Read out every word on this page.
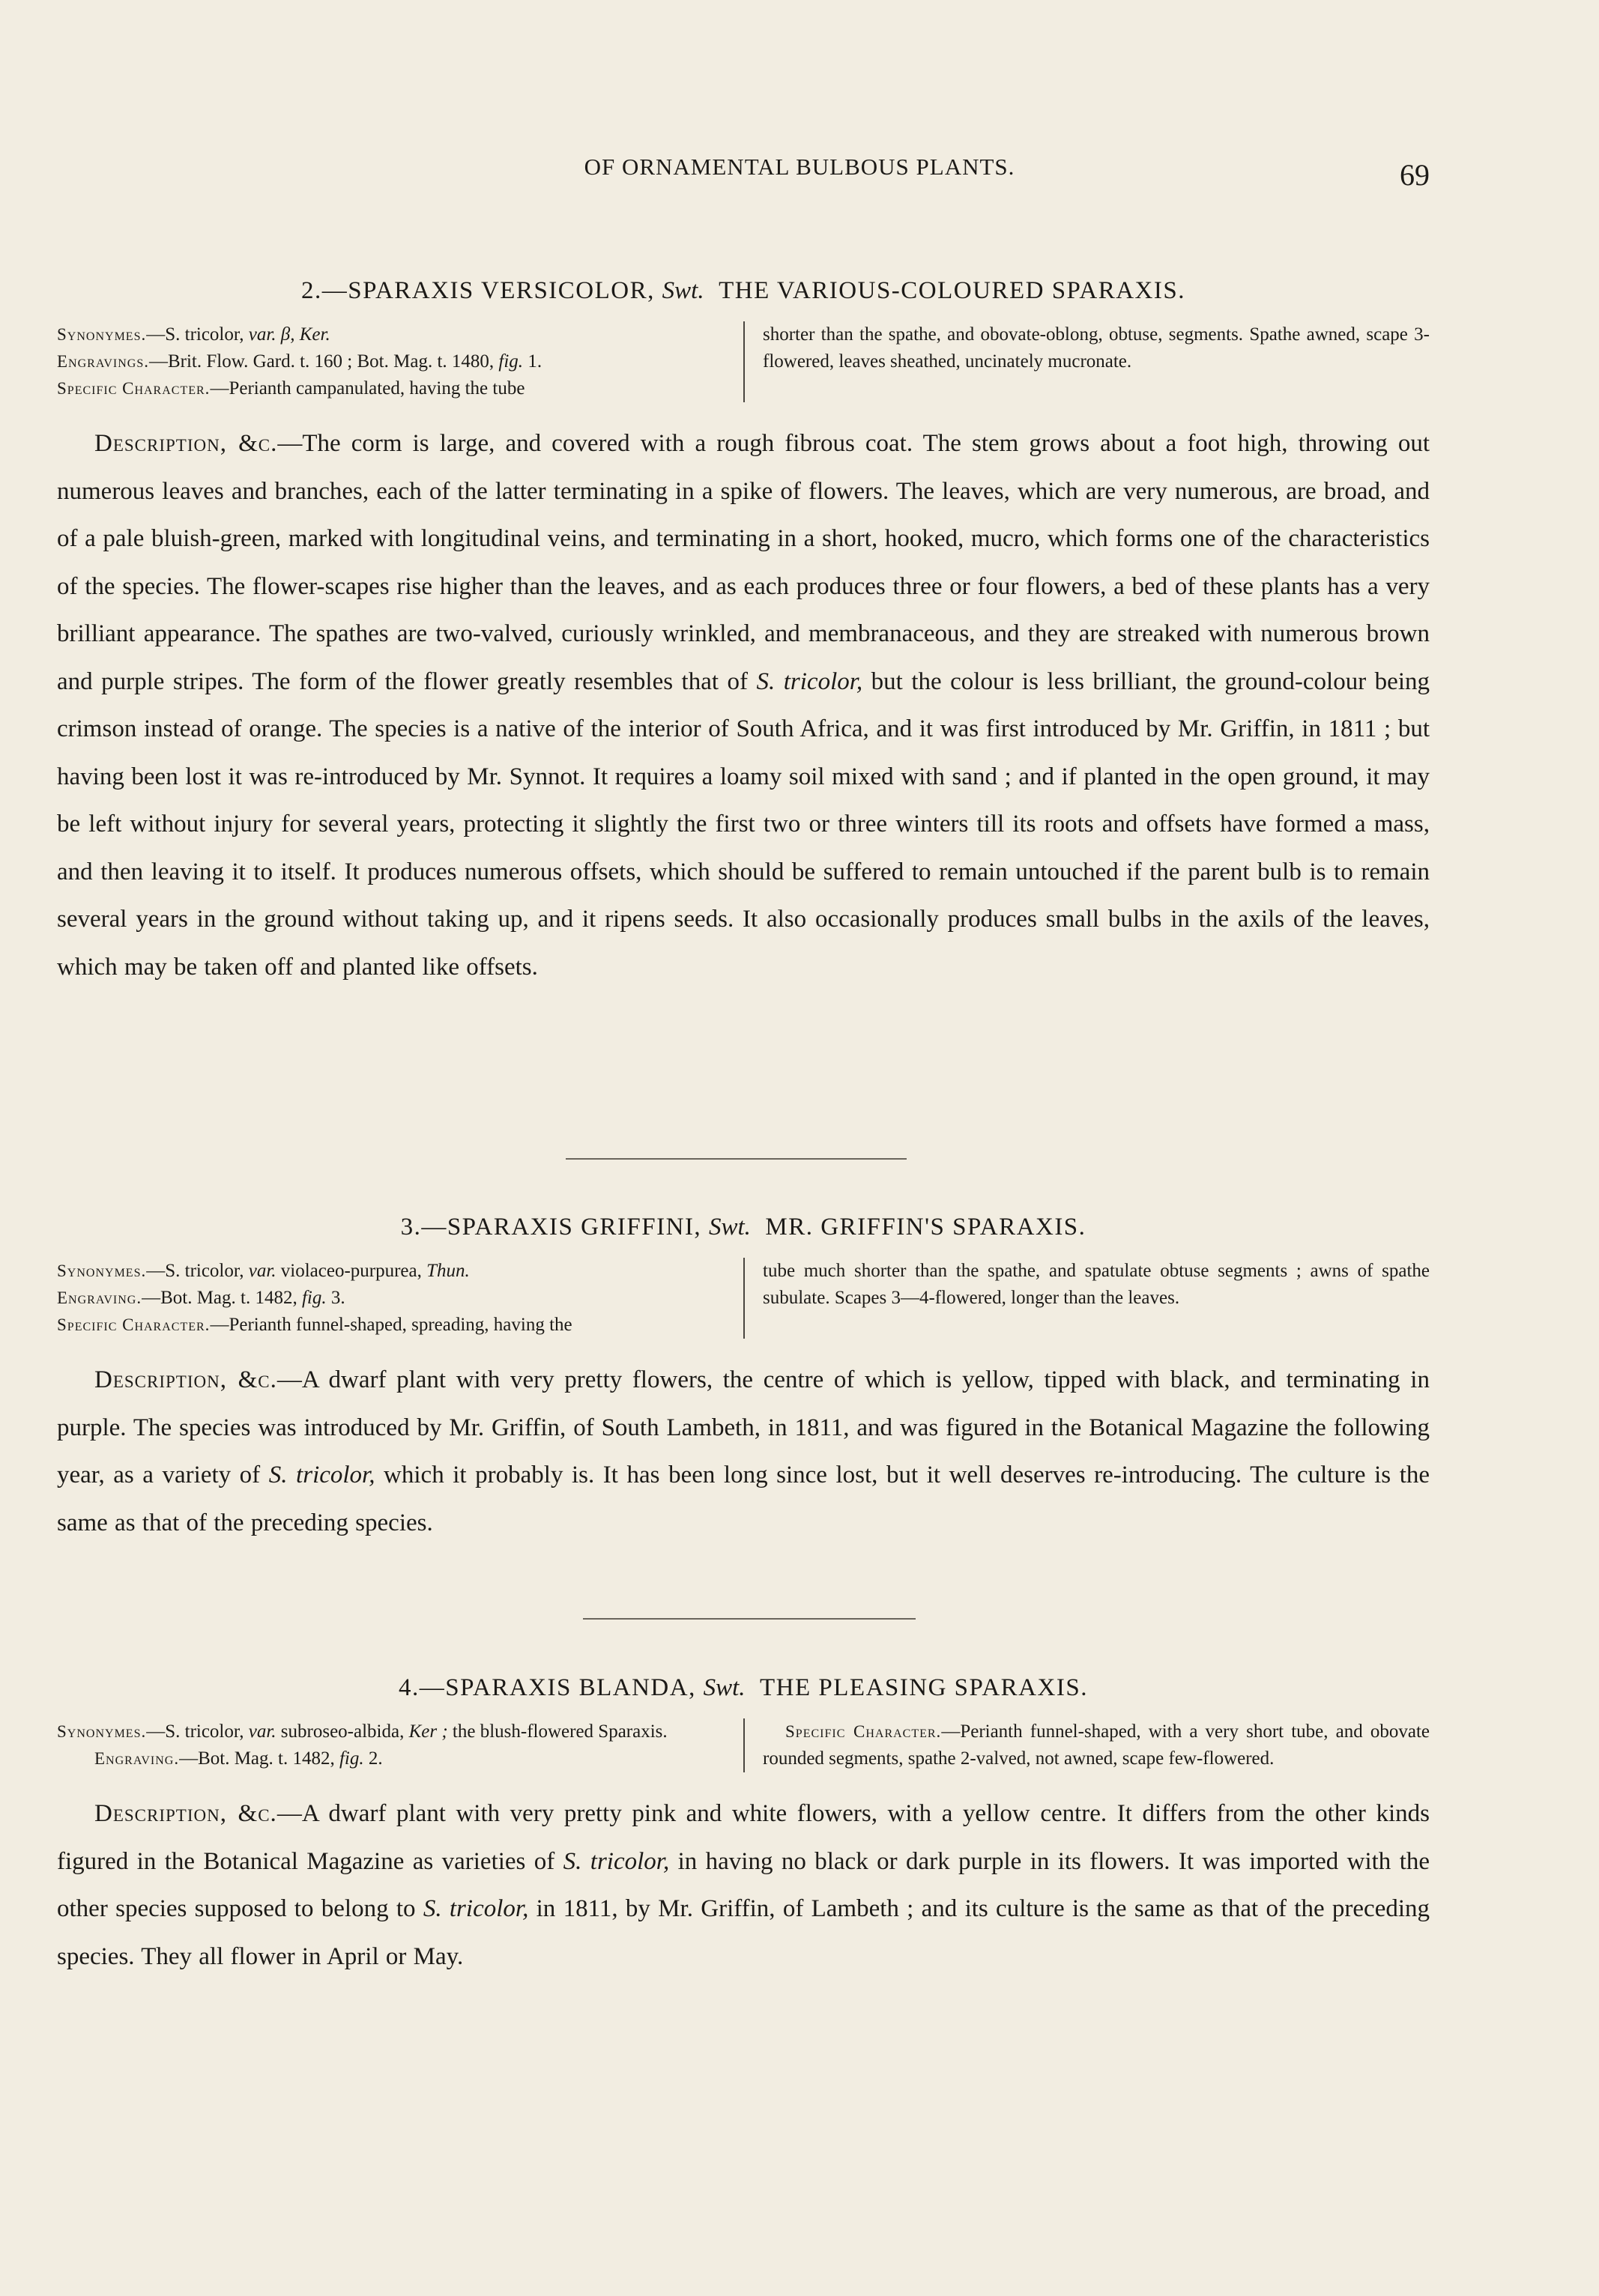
OF ORNAMENTAL BULBOUS PLANTS.	69
2.—SPARAXIS VERSICOLOR, Swt. THE VARIOUS-COLOURED SPARAXIS.
Synonymes.—S. tricolor, var. β, Ker.
Engravings.—Brit. Flow. Gard. t. 160 ; Bot. Mag. t. 1480, fig. 1.
Specific Character.—Perianth campanulated, having the tube
shorter than the spathe, and obovate-oblong, obtuse, segments. Spathe awned, scape 3-flowered, leaves sheathed, uncinately mucronate.

Description, &c.—The corm is large, and covered with a rough fibrous coat. The stem grows about a foot high, throwing out numerous leaves and branches, each of the latter terminating in a spike of flowers. The leaves, which are very numerous, are broad, and of a pale bluish-green, marked with longitudinal veins, and terminating in a short, hooked, mucro, which forms one of the characteristics of the species. The flower-scapes rise higher than the leaves, and as each produces three or four flowers, a bed of these plants has a very brilliant appearance. The spathes are two-valved, curiously wrinkled, and membranaceous, and they are streaked with numerous brown and purple stripes. The form of the flower greatly resembles that of S. tricolor, but the colour is less brilliant, the ground-colour being crimson instead of orange. The species is a native of the interior of South Africa, and it was first introduced by Mr. Griffin, in 1811 ; but having been lost it was re-introduced by Mr. Synnot. It requires a loamy soil mixed with sand ; and if planted in the open ground, it may be left without injury for several years, protecting it slightly the first two or three winters till its roots and offsets have formed a mass, and then leaving it to itself. It produces numerous offsets, which should be suffered to remain untouched if the parent bulb is to remain several years in the ground without taking up, and it ripens seeds. It also occasionally produces small bulbs in the axils of the leaves, which may be taken off and planted like offsets.

3.—SPARAXIS GRIFFINI, Swt. MR. GRIFFIN'S SPARAXIS.
Synonymes.—S. tricolor, var. violaceo-purpurea, Thun.
Engraving.—Bot. Mag. t. 1482, fig. 3.
Specific Character.—Perianth funnel-shaped, spreading, having the
tube much shorter than the spathe, and spatulate obtuse segments ; awns of spathe subulate. Scapes 3—4-flowered, longer than the leaves.

Description, &c.—A dwarf plant with very pretty flowers, the centre of which is yellow, tipped with black, and terminating in purple. The species was introduced by Mr. Griffin, of South Lambeth, in 1811, and was figured in the Botanical Magazine the following year, as a variety of S. tricolor, which it probably is. It has been long since lost, but it well deserves re-introducing. The culture is the same as that of the preceding species.

4.—SPARAXIS BLANDA, Swt. THE PLEASING SPARAXIS.
Synonymes.—S. tricolor, var. subroseo-albida, Ker ; the blush-flowered Sparaxis.
Engraving.—Bot. Mag. t. 1482, fig. 2.
Specific Character.—Perianth funnel-shaped, with a very short tube, and obovate rounded segments, spathe 2-valved, not awned, scape few-flowered.

Description, &c.—A dwarf plant with very pretty pink and white flowers, with a yellow centre. It differs from the other kinds figured in the Botanical Magazine as varieties of S. tricolor, in having no black or dark purple in its flowers. It was imported with the other species supposed to belong to S. tricolor, in 1811, by Mr. Griffin, of Lambeth ; and its culture is the same as that of the preceding species. They all flower in April or May.
